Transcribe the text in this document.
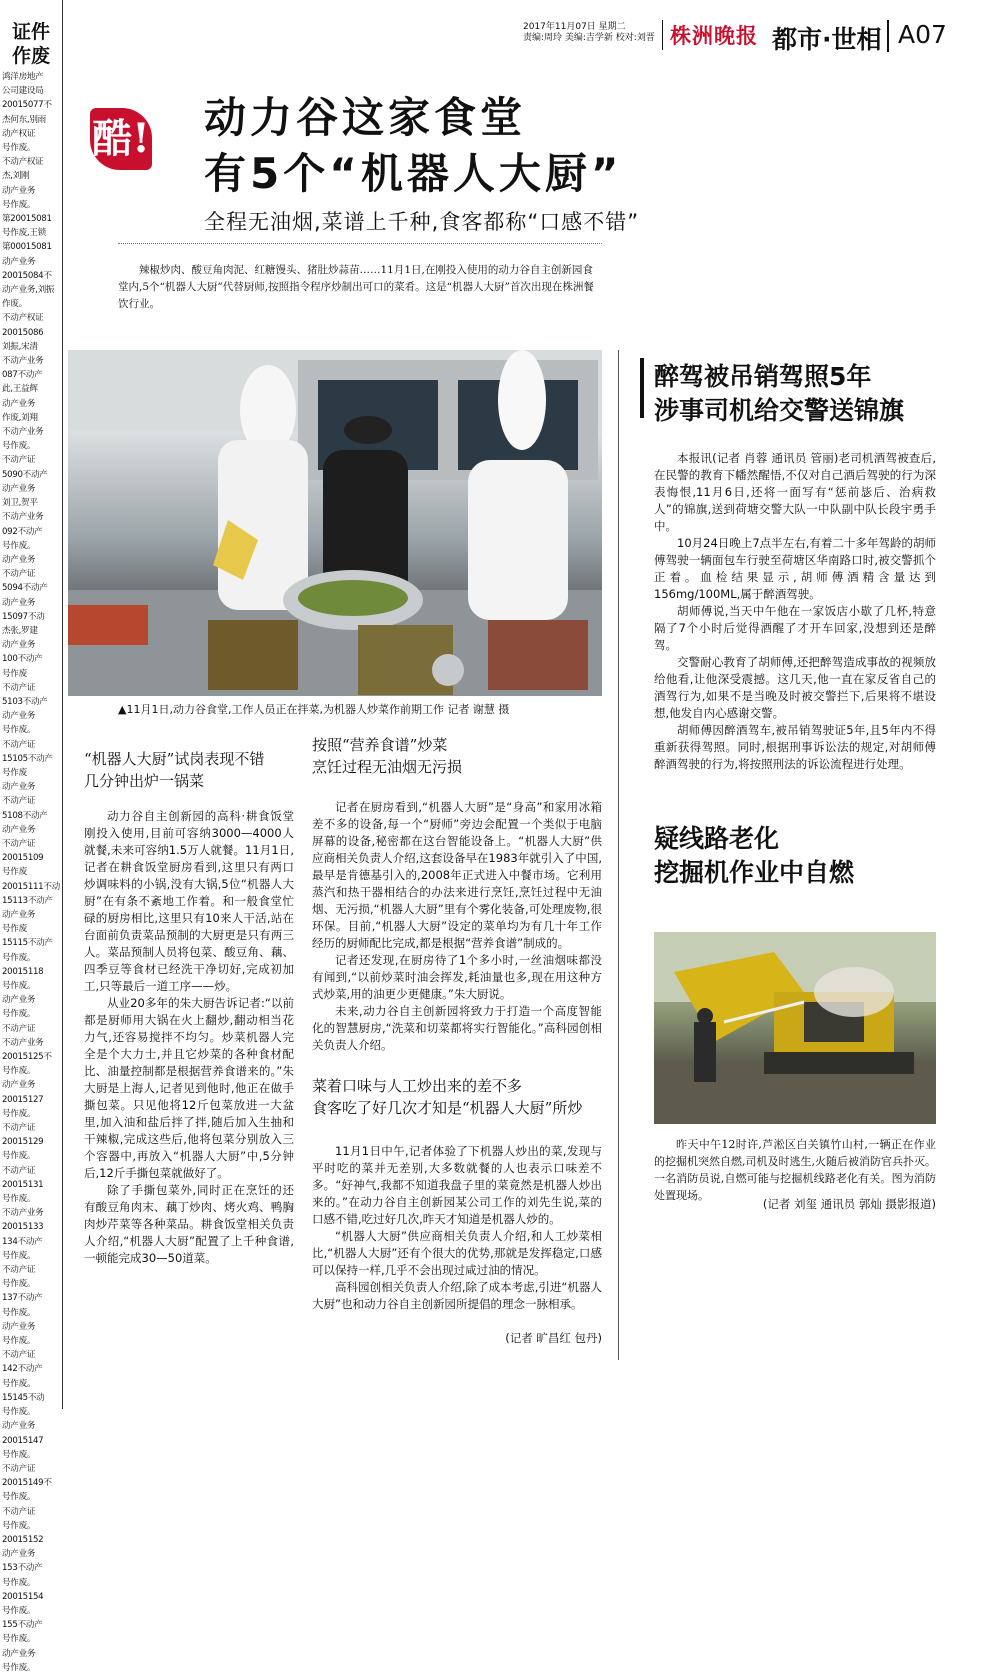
证件
作废
鸿洋房地产
公司建设局
20015077不
杰何东,别雨
动产权证
号作废。
不动产权证
杰,刘刚
动产业务
号作废。
第20015081
号作废,王锁
第00015081
动产业务
20015084不
动产业务,刘振
作废。
不动产权证
20015086
刘振,宋清
不动产业务
087不动产
此,王益辉
动产业务
作废,刘翔
不动产业务
号作废。
不动产证
5090不动产
动产业务
刘卫,贺平
不动产业务
092不动产
号作废。
动产业务
不动产证
5094不动产
动产业务
15097不动
杰张,罗建
动产业务
100不动产
号作废
不动产证
5103不动产
动产业务
号作废。
不动产证
15105不动产
号作废
动产业务
不动产证
5108不动产
动产业务
不动产证
20015109
号作废
20015111不动
15113不动产
动产业务
号作废
15115不动产
号作废。
20015118
号作废。
动产业务
号作废。
不动产证
不动产业务
20015125不
号作废。
动产业务
20015127
号作废。
不动产证
20015129
号作废。
不动产证
20015131
号作废。
不动产业务
20015133
134不动产
号作废。
不动产证
号作废。
137不动产
号作废。
动产业务
号作废。
不动产证
142不动产
号作废。
15145不动
号作废。
动产业务
20015147
号作废。
不动产证
20015149不
号作废。
不动产证
号作废。
20015152
动产业务
153不动产
号作废。
20015154
号作废。
155不动产
号作废。
动产业务
号作废。
2017年11月07日 星期二
责编:周玲 美编:吉学新 校对:刘晋 株洲晚报 都市·世相 A07
酷! 动力谷这家食堂
有5个“机器人大厨”
全程无油烟,菜谱上千种,食客都称“口感不错”
辣椒炒肉、酸豆角肉泥、红糖馒头、猪肚炒蒜苗……11月1日,在刚投入使用的动力谷自主创新园食堂内,5个“机器人大厨”代替厨师,按照指令程序炒制出可口的菜肴。这是“机器人大厨”首次出现在株洲餐饮行业。
▲11月1日,动力谷食堂,工作人员正在拌菜,为机器人炒菜作前期工作 记者 谢慧 摄
“机器人大厨”试岗表现不错
几分钟出炉一锅菜

动力谷自主创新园的高科·耕食饭堂刚投入使用,目前可容纳3000—4000人就餐,未来可容纳1.5万人就餐。11月1日,记者在耕食饭堂厨房看到,这里只有两口炒调味料的小锅,没有大锅,5位“机器人大厨”在有条不紊地工作着。和一般食堂忙碌的厨房相比,这里只有10来人干活,站在台面前负责菜品预制的大厨更是只有两三人。菜品预制人员将包菜、酸豆角、藕、四季豆等食材已经洗干净切好,完成初加工,只等最后一道工序——炒。

从业20多年的朱大厨告诉记者:“以前都是厨师用大锅在火上翻炒,翻动相当花力气,还容易搅拌不均匀。炒菜机器人完全是个大力士,并且它炒菜的各种食材配比、油量控制都是根据营养食谱来的。”朱大厨是上海人,记者见到他时,他正在做手撕包菜。只见他将12斤包菜放进一大盆里,加入油和盐后拌了拌,随后加入生抽和干辣椒,完成这些后,他将包菜分别放入三个容器中,再放入“机器人大厨”中,5分钟后,12斤手撕包菜就做好了。

除了手撕包菜外,同时正在烹饪的还有酸豆角肉末、藕丁炒肉、烤火鸡、鸭胸肉炒芹菜等各种菜品。耕食饭堂相关负责人介绍,“机器人大厨”配置了上千种食谱,一顿能完成30—50道菜。

按照“营养食谱”炒菜
烹饪过程无油烟无污损

记者在厨房看到,“机器人大厨”是“身高”和家用冰箱差不多的设备,每一个“厨师”旁边会配置一个类似于电脑屏幕的设备,秘密都在这台智能设备上。“机器人大厨”供应商相关负责人介绍,这套设备早在1983年就引入了中国,最早是肯德基引入的,2008年正式进入中餐市场。它利用蒸汽和热干器相结合的办法来进行烹饪,烹饪过程中无油烟、无污损,“机器人大厨”里有个雾化装备,可处理废物,很环保。目前,“机器人大厨”设定的菜单均为有几十年工作经历的厨师配比完成,都是根据“营养食谱”制成的。

记者还发现,在厨房待了1个多小时,一丝油烟味都没有闻到,“以前炒菜时油会挥发,耗油量也多,现在用这种方式炒菜,用的油更少更健康。”朱大厨说。

未来,动力谷自主创新园将致力于打造一个高度智能化的智慧厨房,“洗菜和切菜都将实行智能化。”高科园创相关负责人介绍。

菜着口味与人工炒出来的差不多
食客吃了好几次才知是“机器人大厨”所炒

11月1日中午,记者体验了下机器人炒出的菜,发现与平时吃的菜并无差别,大多数就餐的人也表示口味差不多。“好神气,我都不知道我盘子里的菜竟然是机器人炒出来的。”在动力谷自主创新园某公司工作的刘先生说,菜的口感不错,吃过好几次,昨天才知道是机器人炒的。

“机器人大厨”供应商相关负责人介绍,和人工炒菜相比,“机器人大厨”还有个很大的优势,那就是发挥稳定,口感可以保持一样,几乎不会出现过咸过油的情况。

高科园创相关负责人介绍,除了成本考虑,引进“机器人大厨”也和动力谷自主创新园所提倡的理念一脉相承。

(记者 旷昌红 包丹)
醉驾被吊销驾照5年
涉事司机给交警送锦旗

本报讯(记者 肖蓉 通讯员 管丽)老司机酒驾被查后,在民警的教育下幡然醒悟,不仅对自己酒后驾驶的行为深表悔恨,11月6日,还将一面写有“惩前毖后、治病救人”的锦旗,送到荷塘交警大队一中队副中队长段宇勇手中。

10月24日晚上7点半左右,有着二十多年驾龄的胡师傅驾驶一辆面包车行驶至荷塘区华南路口时,被交警抓个正着。血检结果显示,胡师傅酒精含量达到156mg/100ML,属于醉酒驾驶。

胡师傅说,当天中午他在一家饭店小歇了几杯,特意隔了7个小时后觉得酒醒了才开车回家,没想到还是醉驾。

交警耐心教育了胡师傅,还把醉驾造成事故的视频放给他看,让他深受震撼。这几天,他一直在家反省自己的酒驾行为,如果不是当晚及时被交警拦下,后果将不堪设想,他发自内心感谢交警。

胡师傅因醉酒驾车,被吊销驾驶证5年,且5年内不得重新获得驾照。同时,根据刑事诉讼法的规定,对胡师傅醉酒驾驶的行为,将按照刑法的诉讼流程进行处理。

疑线路老化
挖掘机作业中自燃

昨天中午12时许,芦淞区白关镇竹山村,一辆正在作业的挖掘机突然自燃,司机及时逃生,火随后被消防官兵扑灭。一名消防员说,自燃可能与挖掘机线路老化有关。图为消防处置现场。

(记者 刘玺 通讯员 郭灿 摄影报道)
